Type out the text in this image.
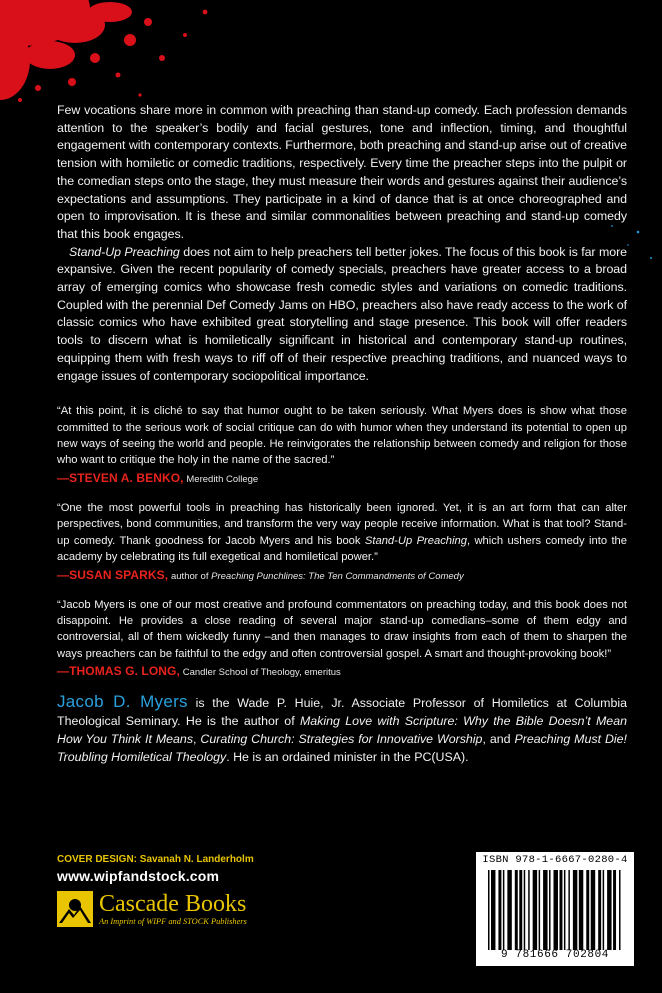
Few vocations share more in common with preaching than stand-up comedy. Each profession demands attention to the speaker’s bodily and facial gestures, tone and inflection, timing, and thoughtful engagement with contemporary contexts. Furthermore, both preaching and stand-up arise out of creative tension with homiletic or comedic traditions, respectively. Every time the preacher steps into the pulpit or the comedian steps onto the stage, they must measure their words and gestures against their audience’s expectations and assumptions. They participate in a kind of dance that is at once choreographed and open to improvisation. It is these and similar commonalities between preaching and stand-up comedy that this book engages.

Stand-Up Preaching does not aim to help preachers tell better jokes. The focus of this book is far more expansive. Given the recent popularity of comedy specials, preachers have greater access to a broad array of emerging comics who showcase fresh comedic styles and variations on comedic traditions. Coupled with the perennial Def Comedy Jams on HBO, preachers also have ready access to the work of classic comics who have exhibited great storytelling and stage presence. This book will offer readers tools to discern what is homiletically significant in historical and contemporary stand-up routines, equipping them with fresh ways to riff off of their respective preaching traditions, and nuanced ways to engage issues of contemporary sociopolitical importance.

“At this point, it is cliché to say that humor ought to be taken seriously. What Myers does is show what those committed to the serious work of social critique can do with humor when they understand its potential to open up new ways of seeing the world and people. He reinvigorates the relationship between comedy and religion for those who want to critique the holy in the name of the sacred.”

—STEVEN A. BENKO, Meredith College

“One the most powerful tools in preaching has historically been ignored. Yet, it is an art form that can alter perspectives, bond communities, and transform the very way people receive information. What is that tool? Stand-up comedy. Thank goodness for Jacob Myers and his book Stand-Up Preaching, which ushers comedy into the academy by celebrating its full exegetical and homiletical power.”

—SUSAN SPARKS, author of Preaching Punchlines: The Ten Commandments of Comedy

“Jacob Myers is one of our most creative and profound commentators on preaching today, and this book does not disappoint. He provides a close reading of several major stand-up comedians–some of them edgy and controversial, all of them wickedly funny –and then manages to draw insights from each of them to sharpen the ways preachers can be faithful to the edgy and often controversial gospel. A smart and thought-provoking book!”

—THOMAS G. LONG, Candler School of Theology, emeritus

Jacob D. Myers is the Wade P. Huie, Jr. Associate Professor of Homiletics at Columbia Theological Seminary. He is the author of Making Love with Scripture: Why the Bible Doesn’t Mean How You Think It Means, Curating Church: Strategies for Innovative Worship, and Preaching Must Die! Troubling Homiletical Theology. He is an ordained minister in the PC(USA).

COVER DESIGN: Savanah N. Landerholm

www.wipfandstock.com

Cascade Books
An Imprint of WIPF and STOCK Publishers
ISBN 978-1-6667-0280-4
9 781666 702804
